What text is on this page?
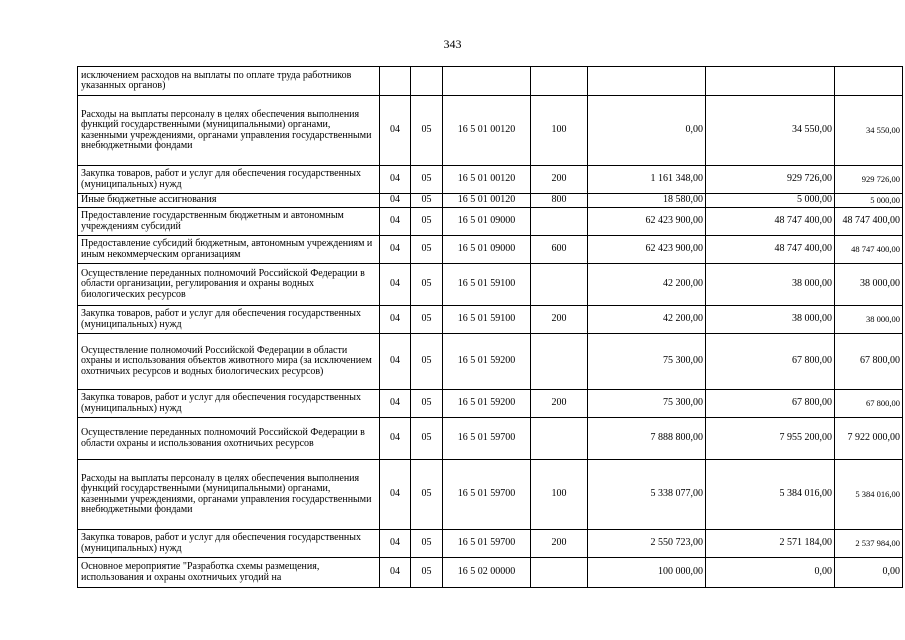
343
исключением расходов на выплаты по оплате труда работников указанных органов)							
Расходы на выплаты персоналу в целях обеспечения выполнения функций государственными (муниципальными) органами, казенными учреждениями, органами управления государственными внебюджетными фондами	04	05	16 5 01 00120	100	0,00	34 550,00	34 550,00
Закупка товаров, работ и услуг для обеспечения государственных (муниципальных) нужд	04	05	16 5 01 00120	200	1 161 348,00	929 726,00	929 726,00
Иные бюджетные ассигнования	04	05	16 5 01 00120	800	18 580,00	5 000,00	5 000,00
Предоставление государственным бюджетным и автономным учреждениям субсидий	04	05	16 5 01 09000		62 423 900,00	48 747 400,00	48 747 400,00
Предоставление субсидий бюджетным, автономным учреждениям и иным некоммерческим организациям	04	05	16 5 01 09000	600	62 423 900,00	48 747 400,00	48 747 400,00
Осуществление переданных полномочий Российской Федерации в области организации, регулирования и охраны водных биологических ресурсов	04	05	16 5 01 59100		42 200,00	38 000,00	38 000,00
Закупка товаров, работ и услуг для обеспечения государственных (муниципальных) нужд	04	05	16 5 01 59100	200	42 200,00	38 000,00	38 000,00
Осуществление полномочий Российской Федерации в области охраны и использования объектов животного мира (за исключением охотничьих ресурсов и водных биологических ресурсов)	04	05	16 5 01 59200		75 300,00	67 800,00	67 800,00
Закупка товаров, работ и услуг для обеспечения государственных (муниципальных) нужд	04	05	16 5 01 59200	200	75 300,00	67 800,00	67 800,00
Осуществление переданных полномочий Российской Федерации в области охраны и использования охотничьих ресурсов	04	05	16 5 01 59700		7 888 800,00	7 955 200,00	7 922 000,00
Расходы на выплаты персоналу в целях обеспечения выполнения функций государственными (муниципальными) органами, казенными учреждениями, органами управления государственными внебюджетными фондами	04	05	16 5 01 59700	100	5 338 077,00	5 384 016,00	5 384 016,00
Закупка товаров, работ и услуг для обеспечения государственных (муниципальных) нужд	04	05	16 5 01 59700	200	2 550 723,00	2 571 184,00	2 537 984,00
Основное мероприятие "Разработка схемы размещения, использования и охраны охотничьих угодий на	04	05	16 5 02 00000		100 000,00	0,00	0,00
